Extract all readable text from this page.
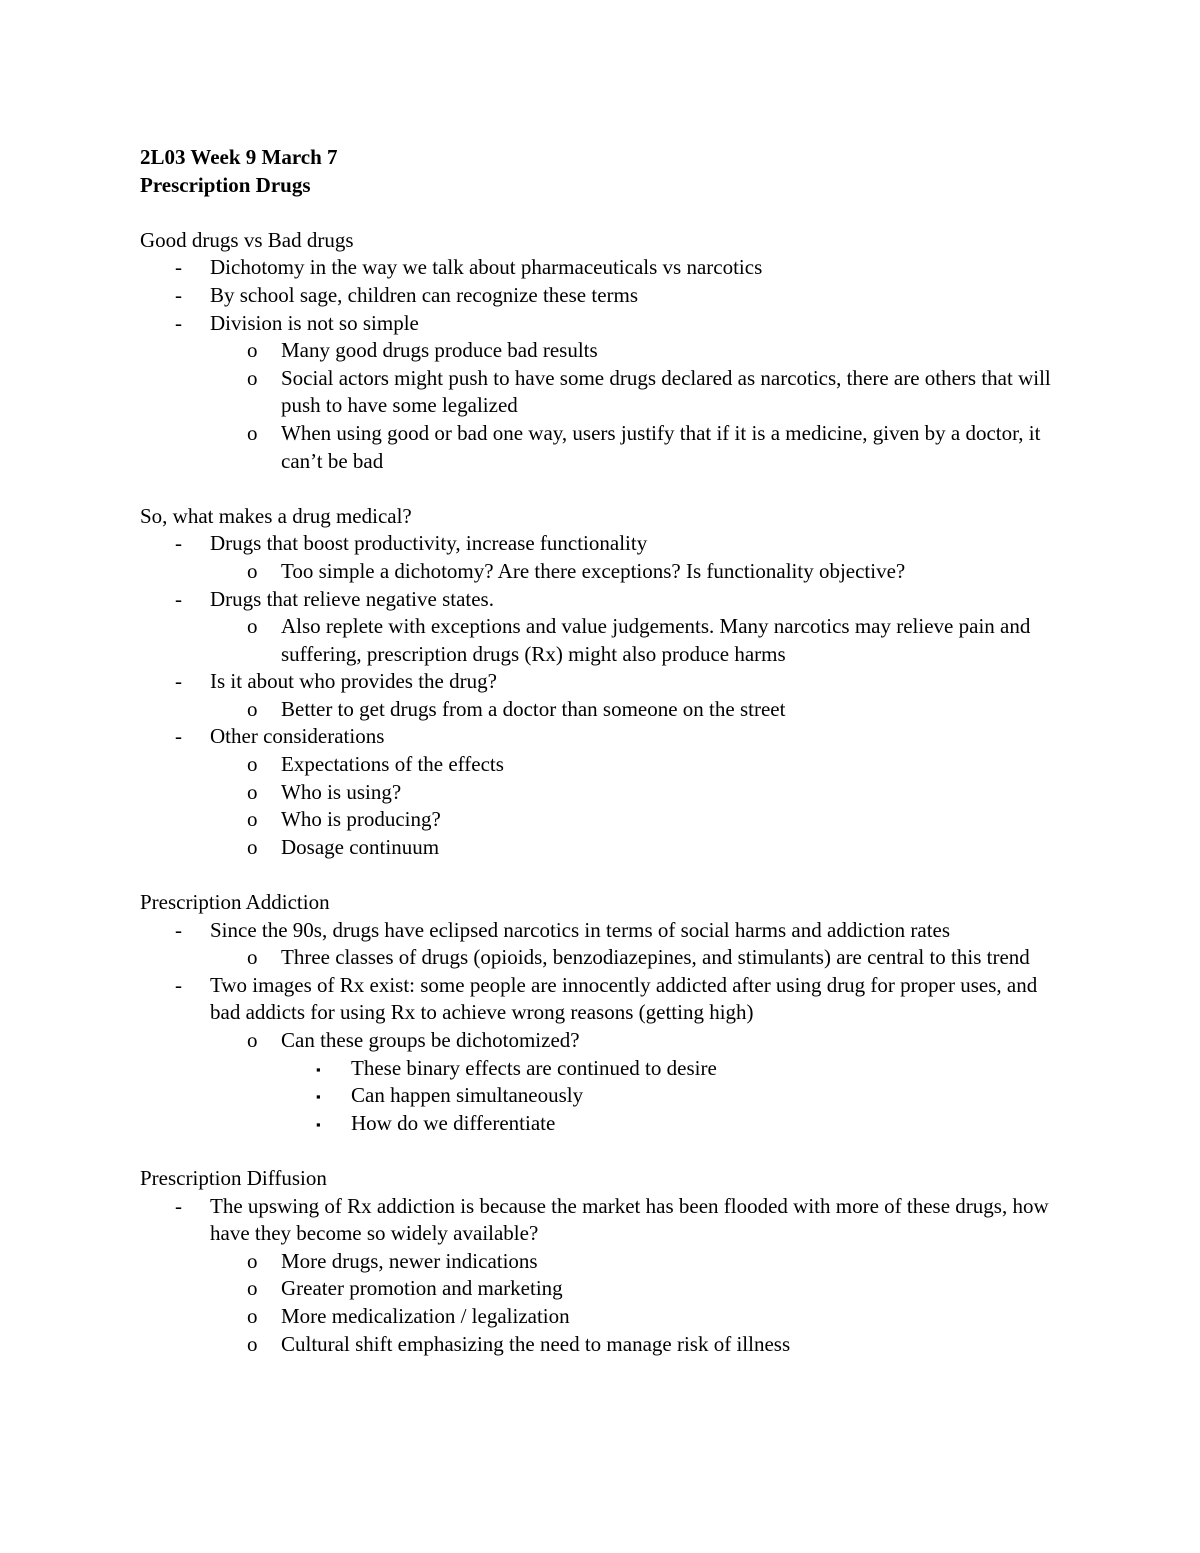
2L03 Week 9 March 7
Prescription Drugs
Good drugs vs Bad drugs
- Dichotomy in the way we talk about pharmaceuticals vs narcotics
- By school sage, children can recognize these terms
- Division is not so simple
o Many good drugs produce bad results
o Social actors might push to have some drugs declared as narcotics, there are others that will push to have some legalized
o When using good or bad one way, users justify that if it is a medicine, given by a doctor, it can’t be bad
So, what makes a drug medical?
- Drugs that boost productivity, increase functionality
o Too simple a dichotomy? Are there exceptions? Is functionality objective?
- Drugs that relieve negative states.
o Also replete with exceptions and value judgements. Many narcotics may relieve pain and suffering, prescription drugs (Rx) might also produce harms
- Is it about who provides the drug?
o Better to get drugs from a doctor than someone on the street
- Other considerations
o Expectations of the effects
o Who is using?
o Who is producing?
o Dosage continuum
Prescription Addiction
- Since the 90s, drugs have eclipsed narcotics in terms of social harms and addiction rates
o Three classes of drugs (opioids, benzodiazepines, and stimulants) are central to this trend
- Two images of Rx exist: some people are innocently addicted after using drug for proper uses, and bad addicts for using Rx to achieve wrong reasons (getting high)
o Can these groups be dichotomized?
▪ These binary effects are continued to desire
▪ Can happen simultaneously
▪ How do we differentiate
Prescription Diffusion
- The upswing of Rx addiction is because the market has been flooded with more of these drugs, how have they become so widely available?
o More drugs, newer indications
o Greater promotion and marketing
o More medicalization / legalization
o Cultural shift emphasizing the need to manage risk of illness
